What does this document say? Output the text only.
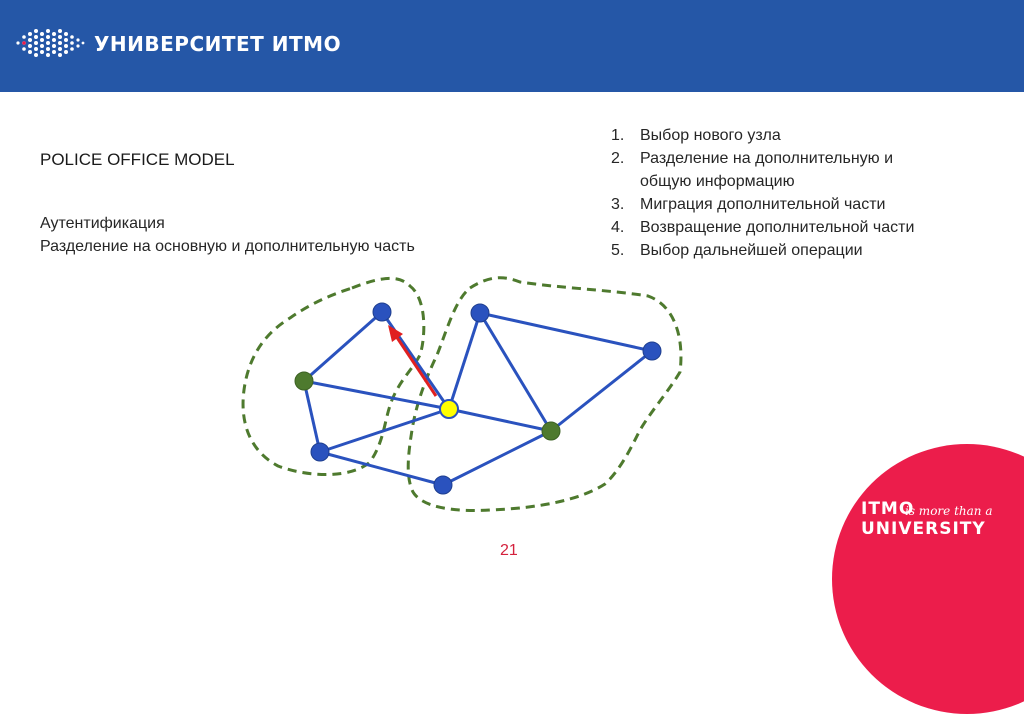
УНИВЕРСИТЕТ ИТМО
POLICE OFFICE MODEL
Аутентификация
Разделение на основную и дополнительную часть
1. Выбор нового узла
2. Разделение на дополнительную и
общую информацию
3. Миграция дополнительной части
4. Возвращение дополнительной части
5. Выбор дальнейшей операции
21
ITMO
is more than a
UNIVERSITY
